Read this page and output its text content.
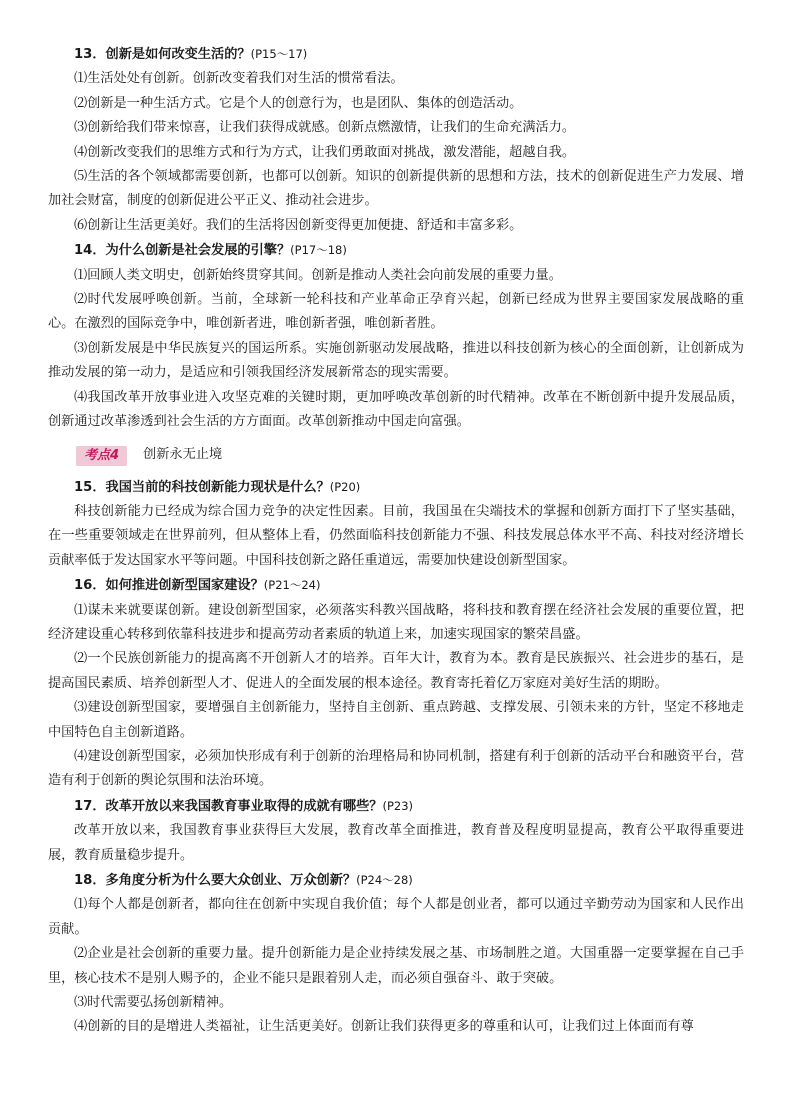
13．创新是如何改变生活的？(P15～17)

⑴生活处处有创新。创新改变着我们对生活的惯常看法。

⑵创新是一种生活方式。它是个人的创意行为，也是团队、集体的创造活动。

⑶创新给我们带来惊喜，让我们获得成就感。创新点燃激情，让我们的生命充满活力。

⑷创新改变我们的思维方式和行为方式，让我们勇敢面对挑战，激发潜能，超越自我。

⑸生活的各个领域都需要创新，也都可以创新。知识的创新提供新的思想和方法，技术的创新促进生产力发展、增加社会财富，制度的创新促进公平正义、推动社会进步。

⑹创新让生活更美好。我们的生活将因创新变得更加便捷、舒适和丰富多彩。

14．为什么创新是社会发展的引擎？(P17～18)

⑴回顾人类文明史，创新始终贯穿其间。创新是推动人类社会向前发展的重要力量。

⑵时代发展呼唤创新。当前，全球新一轮科技和产业革命正孕育兴起，创新已经成为世界主要国家发展战略的重心。在激烈的国际竞争中，唯创新者进，唯创新者强，唯创新者胜。

⑶创新发展是中华民族复兴的国运所系。实施创新驱动发展战略，推进以科技创新为核心的全面创新，让创新成为推动发展的第一动力，是适应和引领我国经济发展新常态的现实需要。

⑷我国改革开放事业进入攻坚克难的关键时期，更加呼唤改革创新的时代精神。改革在不断创新中提升发展品质，创新通过改革渗透到社会生活的方方面面。改革创新推动中国走向富强。

考点4	创新永无止境

15．我国当前的科技创新能力现状是什么？(P20)

科技创新能力已经成为综合国力竞争的决定性因素。目前，我国虽在尖端技术的掌握和创新方面打下了坚实基础，在一些重要领域走在世界前列，但从整体上看，仍然面临科技创新能力不强、科技发展总体水平不高、科技对经济增长贡献率低于发达国家水平等问题。中国科技创新之路任重道远，需要加快建设创新型国家。

16．如何推进创新型国家建设？(P21～24)

⑴谋未来就要谋创新。建设创新型国家，必须落实科教兴国战略，将科技和教育摆在经济社会发展的重要位置，把经济建设重心转移到依靠科技进步和提高劳动者素质的轨道上来，加速实现国家的繁荣昌盛。

⑵一个民族创新能力的提高离不开创新人才的培养。百年大计，教育为本。教育是民族振兴、社会进步的基石，是提高国民素质、培养创新型人才、促进人的全面发展的根本途径。教育寄托着亿万家庭对美好生活的期盼。

⑶建设创新型国家，要增强自主创新能力，坚持自主创新、重点跨越、支撑发展、引领未来的方针，坚定不移地走中国特色自主创新道路。

⑷建设创新型国家，必须加快形成有利于创新的治理格局和协同机制，搭建有利于创新的活动平台和融资平台，营造有利于创新的舆论氛围和法治环境。

17．改革开放以来我国教育事业取得的成就有哪些？(P23)

改革开放以来，我国教育事业获得巨大发展，教育改革全面推进，教育普及程度明显提高，教育公平取得重要进展，教育质量稳步提升。

18．多角度分析为什么要大众创业、万众创新？(P24～28)

⑴每个人都是创新者，都向往在创新中实现自我价值；每个人都是创业者，都可以通过辛勤劳动为国家和人民作出贡献。

⑵企业是社会创新的重要力量。提升创新能力是企业持续发展之基、市场制胜之道。大国重器一定要掌握在自己手里，核心技术不是别人赐予的，企业不能只是跟着别人走，而必须自强奋斗、敢于突破。

⑶时代需要弘扬创新精神。

⑷创新的目的是增进人类福祉，让生活更美好。创新让我们获得更多的尊重和认可，让我们过上体面而有尊
